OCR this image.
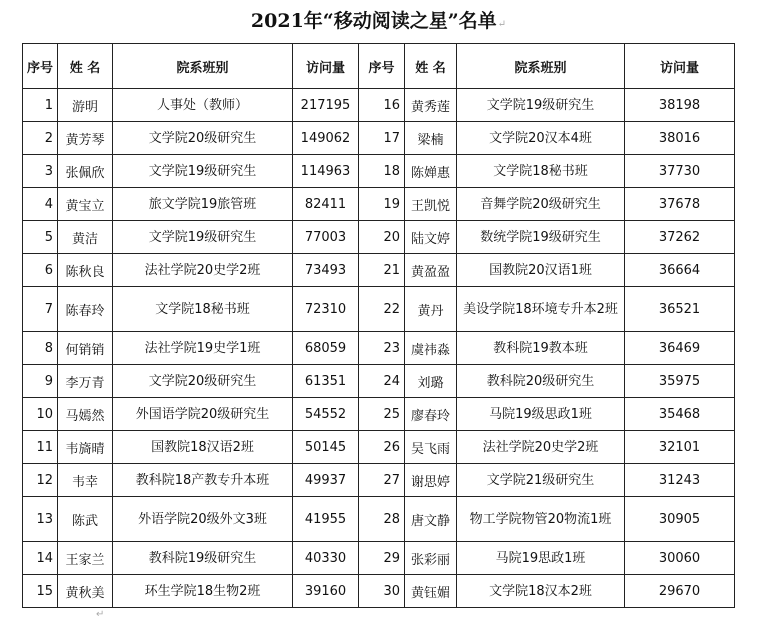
2021年“移动阅读之星”名单↵
序号	姓 名	院系班别	访问量	序号	姓 名	院系班别	访问量
1	游明	人事处（教师）	217195	16	黄秀莲	文学院19级研究生	38198
2	黄芳琴	文学院20级研究生	149062	17	梁楠	文学院20汉本4班	38016
3	张佩欣	文学院19级研究生	114963	18	陈婵惠	文学院18秘书班	37730
4	黄宝立	旅文学院19旅管班	82411	19	王凯悦	音舞学院20级研究生	37678
5	黄洁	文学院19级研究生	77003	20	陆文婷	数统学院19级研究生	37262
6	陈秋良	法社学院20史学2班	73493	21	黄盈盈	国教院20汉语1班	36664
7	陈春玲	文学院18秘书班	72310	22	黄丹	美设学院18环境专升本2班	36521
8	何销销	法社学院19史学1班	68059	23	虞祎淼	教科院19教本班	36469
9	李万青	文学院20级研究生	61351	24	刘璐	教科院20级研究生	35975
10	马嫣然	外国语学院20级研究生	54552	25	廖春玲	马院19级思政1班	35468
11	韦旖晴	国教院18汉语2班	50145	26	吴飞雨	法社学院20史学2班	32101
12	韦幸	教科院18产教专升本班	49937	27	谢思婷	文学院21级研究生	31243
13	陈武	外语学院20级外文3班	41955	28	唐文静	物工学院物管20物流1班	30905
14	王家兰	教科院19级研究生	40330	29	张彩丽	马院19思政1班	30060
15	黄秋美	环生学院18生物2班	39160	30	黄钰媚	文学院18汉本2班	29670
↵
